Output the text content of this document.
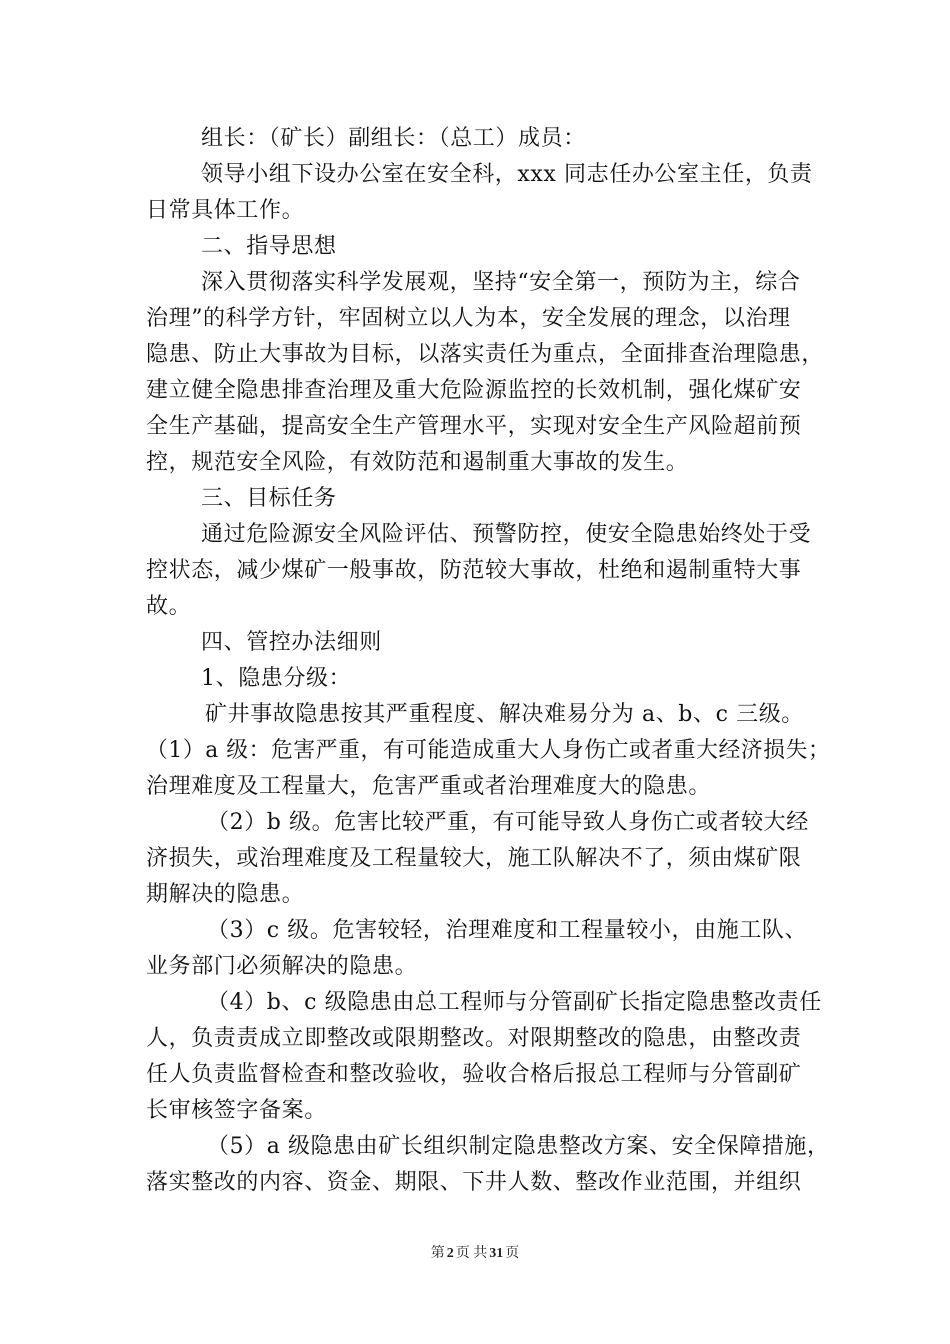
组长：（矿长）副组长：（总工）成员：
领导小组下设办公室在安全科，xxx 同志任办公室主任，负责
日常具体工作。
二、指导思想
深入贯彻落实科学发展观，坚持“安全第一，预防为主，综合
治理”的科学方针，牢固树立以人为本，安全发展的理念，以治理
隐患、防止大事故为目标，以落实责任为重点，全面排查治理隐患，
建立健全隐患排查治理及重大危险源监控的长效机制，强化煤矿安
全生产基础，提高安全生产管理水平，实现对安全生产风险超前预
控，规范安全风险，有效防范和遏制重大事故的发生。
三、目标任务
通过危险源安全风险评估、预警防控，使安全隐患始终处于受
控状态，减少煤矿一般事故，防范较大事故，杜绝和遏制重特大事
故。
四、管控办法细则
1、隐患分级：
矿井事故隐患按其严重程度、解决难易分为 a、b、c 三级。
（1）a 级：危害严重，有可能造成重大人身伤亡或者重大经济损失；
治理难度及工程量大，危害严重或者治理难度大的隐患。
（2）b 级。危害比较严重，有可能导致人身伤亡或者较大经
济损失，或治理难度及工程量较大，施工队解决不了，须由煤矿限
期解决的隐患。
（3）c 级。危害较轻，治理难度和工程量较小，由施工队、
业务部门必须解决的隐患。
（4）b、c 级隐患由总工程师与分管副矿长指定隐患整改责任
人，负责责成立即整改或限期整改。对限期整改的隐患，由整改责
任人负责监督检查和整改验收，验收合格后报总工程师与分管副矿
长审核签字备案。
（5）a 级隐患由矿长组织制定隐患整改方案、安全保障措施，
落实整改的内容、资金、期限、下井人数、整改作业范围，并组织
第 2 页 共 31 页
